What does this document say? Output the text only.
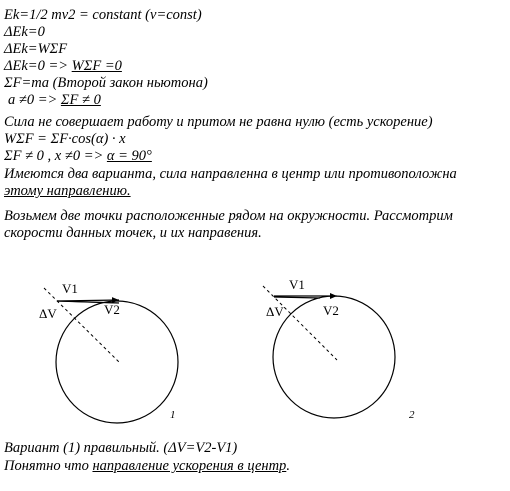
Ek=1/2 mv2 = constant (v=const)
ΔEk=0
ΔEk=WΣF
ΔEk=0 => WΣF =0
ΣF=ma (Второй закон ньютона)
a ≠0 => ΣF ≠ 0
Сила не совершает работу и притом не равна нулю (есть ускорение)
WΣF = ΣF·cos(α) · x
ΣF ≠ 0 , x ≠0 => α = 90°
Имеются два варианта, сила направленна в центр или противоположна
этому направлению.
Возьмем две точки расположенные рядом на окружности. Рассмотрим
скорости данных точек, и их направения.
V1
V2
ΔV
1
V1
V2
ΔV
2
Вариант (1) правильный. (ΔV=V2-V1)
Понятно что направление ускорения в центр.
